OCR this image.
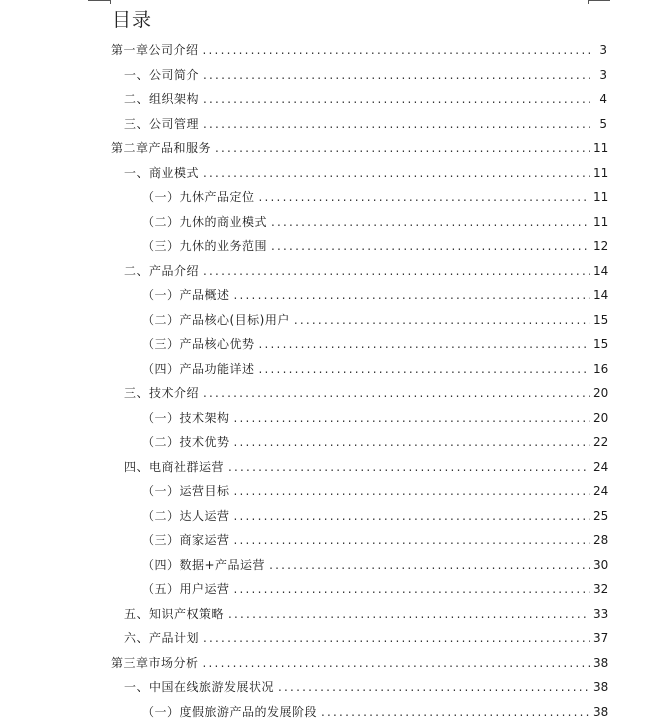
目录
第一章 公司介绍 .....	3
一、 公司简介 .....	3
二、 组织架构 .....	4
三、 公司管理 .....	5
第二章 产品和服务 .....	11
一、 商业模式 .....	11
（一）九休产品定位 .....	11
（二）九休的商业模式 .....	11
（三）九休的业务范围 .....	12
二、 产品介绍 .....	14
（一）产品概述 .....	14
（二）产品核心(目标)用户 .....	15
（三）产品核心优势 .....	15
（四）产品功能详述 .....	16
三、 技术介绍 .....	20
（一）技术架构 .....	20
（二）技术优势 .....	22
四、电商社群运营 .....	24
（一）运营目标 .....	24
（二）达人运营 .....	25
（三）商家运营 .....	28
（四）数据+产品运营 .....	30
（五）用户运营 .....	32
五、知识产权策略 .....	33
六、产品计划 .....	37
第三章 市场分析 .....	38
一、 中国在线旅游发展状况 .....	38
（一）度假旅游产品的发展阶段 .....	38
